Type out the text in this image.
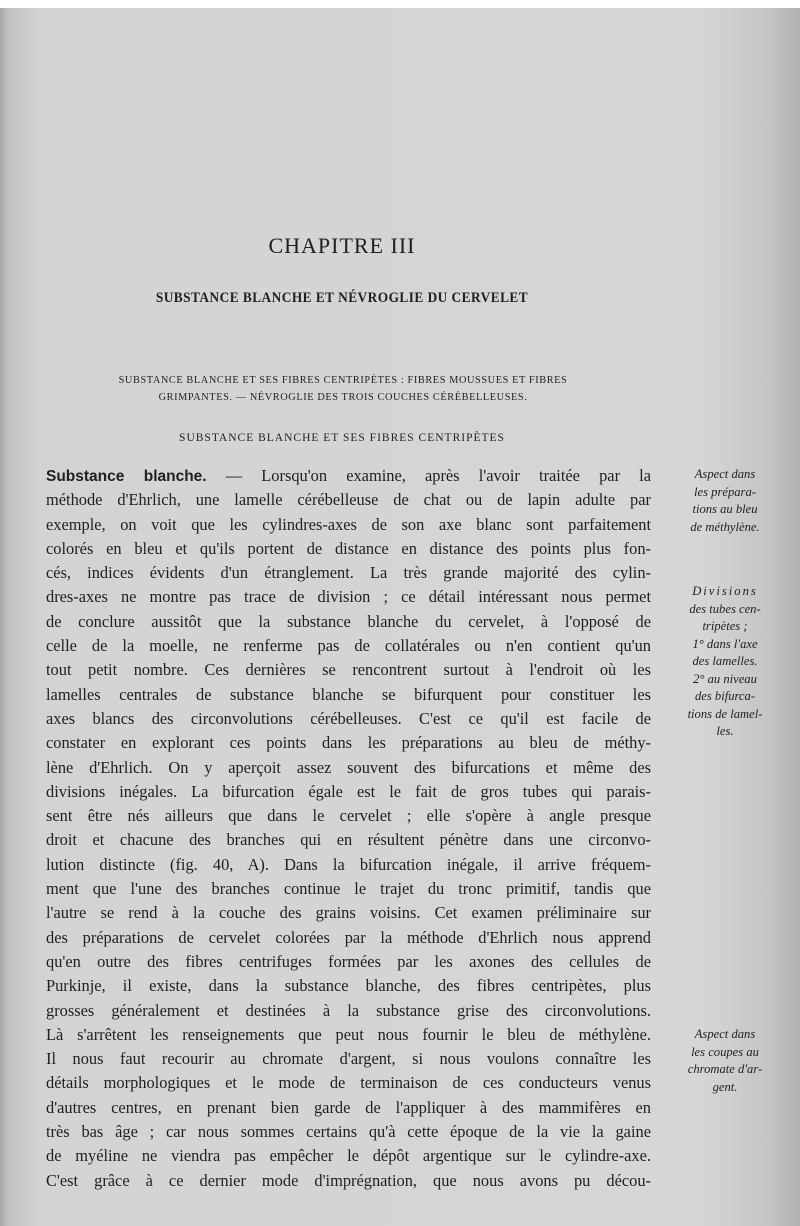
CHAPITRE III
SUBSTANCE BLANCHE ET NÉVROGLIE DU CERVELET
SUBSTANCE BLANCHE ET SES FIBRES CENTRIPÈTES : FIBRES MOUSSUES ET FIBRES
GRIMPANTES. — NÉVROGLIE DES TROIS COUCHES CÉRÉBELLEUSES.
SUBSTANCE BLANCHE ET SES FIBRES CENTRIPÈTES
Substance blanche. — Lorsqu'on examine, après l'avoir traitée par la
méthode d'Ehrlich, une lamelle cérébelleuse de chat ou de lapin adulte par
exemple, on voit que les cylindres-axes de son axe blanc sont parfaitement
colorés en bleu et qu'ils portent de distance en distance des points plus fon-
cés, indices évidents d'un étranglement. La très grande majorité des cylin-
dres-axes ne montre pas trace de division ; ce détail intéressant nous permet
de conclure aussitôt que la substance blanche du cervelet, à l'opposé de
celle de la moelle, ne renferme pas de collatérales ou n'en contient qu'un
tout petit nombre. Ces dernières se rencontrent surtout à l'endroit où les
lamelles centrales de substance blanche se bifurquent pour constituer les
axes blancs des circonvolutions cérébelleuses. C'est ce qu'il est facile de
constater en explorant ces points dans les préparations au bleu de méthy-
lène d'Ehrlich. On y aperçoit assez souvent des bifurcations et même des
divisions inégales. La bifurcation égale est le fait de gros tubes qui parais-
sent être nés ailleurs que dans le cervelet ; elle s'opère à angle presque
droit et chacune des branches qui en résultent pénètre dans une circonvo-
lution distincte (fig. 40, A). Dans la bifurcation inégale, il arrive fréquem-
ment que l'une des branches continue le trajet du tronc primitif, tandis que
l'autre se rend à la couche des grains voisins. Cet examen préliminaire sur
des préparations de cervelet colorées par la méthode d'Ehrlich nous apprend
qu'en outre des fibres centrifuges formées par les axones des cellules de
Purkinje, il existe, dans la substance blanche, des fibres centripètes, plus
grosses généralement et destinées à la substance grise des circonvolutions.
Là s'arrêtent les renseignements que peut nous fournir le bleu de méthylène.
Il nous faut recourir au chromate d'argent, si nous voulons connaître les
détails morphologiques et le mode de terminaison de ces conducteurs venus
d'autres centres, en prenant bien garde de l'appliquer à des mammifères en
très bas âge ; car nous sommes certains qu'à cette époque de la vie la gaine
de myéline ne viendra pas empêcher le dépôt argentique sur le cylindre-axe.
C'est grâce à ce dernier mode d'imprégnation, que nous avons pu décou-
Aspect dans
les prépara-
tions au bleu
de méthylène.
Divisions
des tubes cen-
tripètes ;
1° dans l'axe
des lamelles.
2° au niveau
des bifurca-
tions de lamel-
les.
Aspect dans
les coupes au
chromate d'ar-
gent.
